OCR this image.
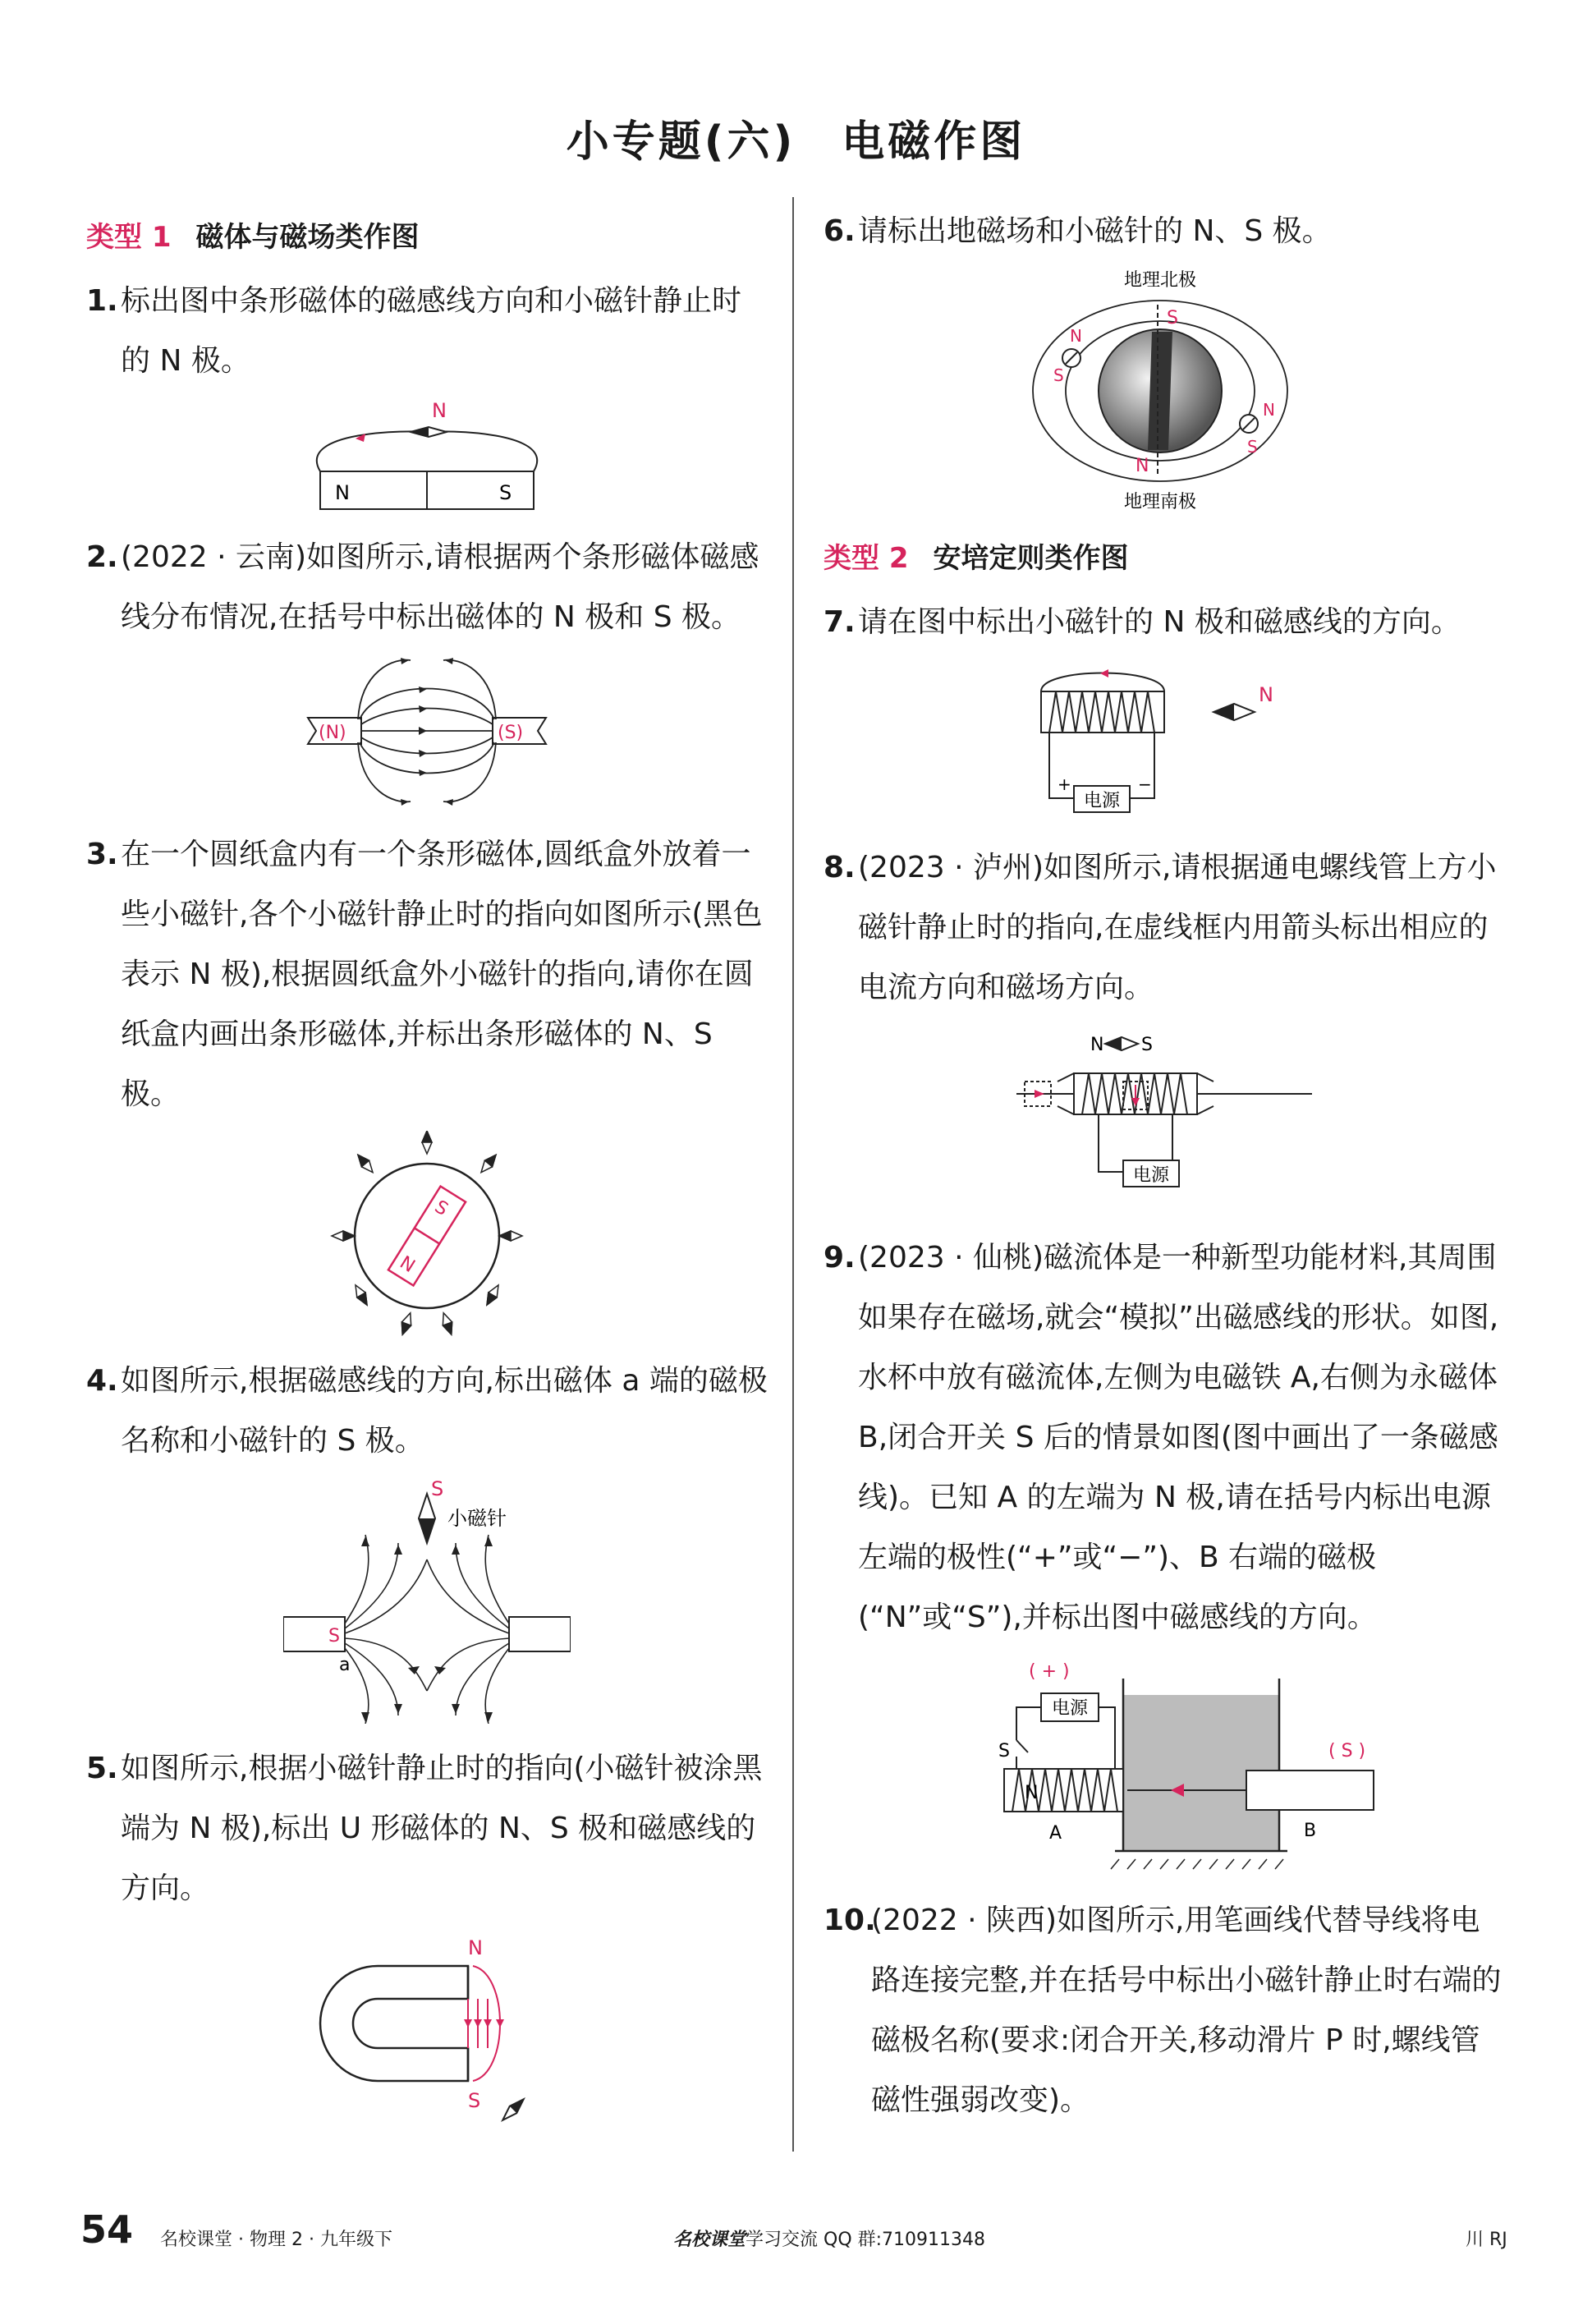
小专题(六)　电磁作图
类型 1 磁体与磁场类作图

1. 标出图中条形磁体的磁感线方向和小磁针静止时的 N 极。

N
N	S

2. (2022 · 云南)如图所示,请根据两个条形磁体磁感线分布情况,在括号中标出磁体的 N 极和 S 极。

(N)	(S)

3. 在一个圆纸盒内有一个条形磁体,圆纸盒外放着一些小磁针,各个小磁针静止时的指向如图所示(黑色表示 N 极),根据圆纸盒外小磁针的指向,请你在圆纸盒内画出条形磁体,并标出条形磁体的 N、S 极。

N
S

4. 如图所示,根据磁感线的方向,标出磁体 a 端的磁极名称和小磁针的 S 极。

S
小磁针
S
a

5. 如图所示,根据小磁针静止时的指向(小磁针被涂黑端为 N 极),标出 U 形磁体的 N、S 极和磁感线的方向。

N
S

6. 请标出地磁场和小磁针的 N、S 极。

地理北极
地理南极
S
N
N
S
N
S
类型 2 安培定则类作图

7. 请在图中标出小磁针的 N 极和磁感线的方向。

电源
+	−
N

8. (2023 · 泸州)如图所示,请根据通电螺线管上方小磁针静止时的指向,在虚线框内用箭头标出相应的电流方向和磁场方向。

N S
电源

9. (2023 · 仙桃)磁流体是一种新型功能材料,其周围如果存在磁场,就会“模拟”出磁感线的形状。如图,水杯中放有磁流体,左侧为电磁铁 A,右侧为永磁体 B,闭合开关 S 后的情景如图(图中画出了一条磁感线)。已知 A 的左端为 N 极,请在括号内标出电源左端的极性(“+”或“−”)、B 右端的磁极(“N”或“S”),并标出图中磁感线的方向。

( + )
电源
S
N
A
( S )
B

10.
(2022 · 陕西)如图所示,用笔画线代替导线将电路连接完整,并在括号中标出小磁针静止时右端的磁极名称(要求:闭合开关,移动滑片 P 时,螺线管磁性强弱改变)。

54 名校课堂 · 物理 2 · 九年级下	名校课堂学习交流 QQ 群:710911348	川 RJ
